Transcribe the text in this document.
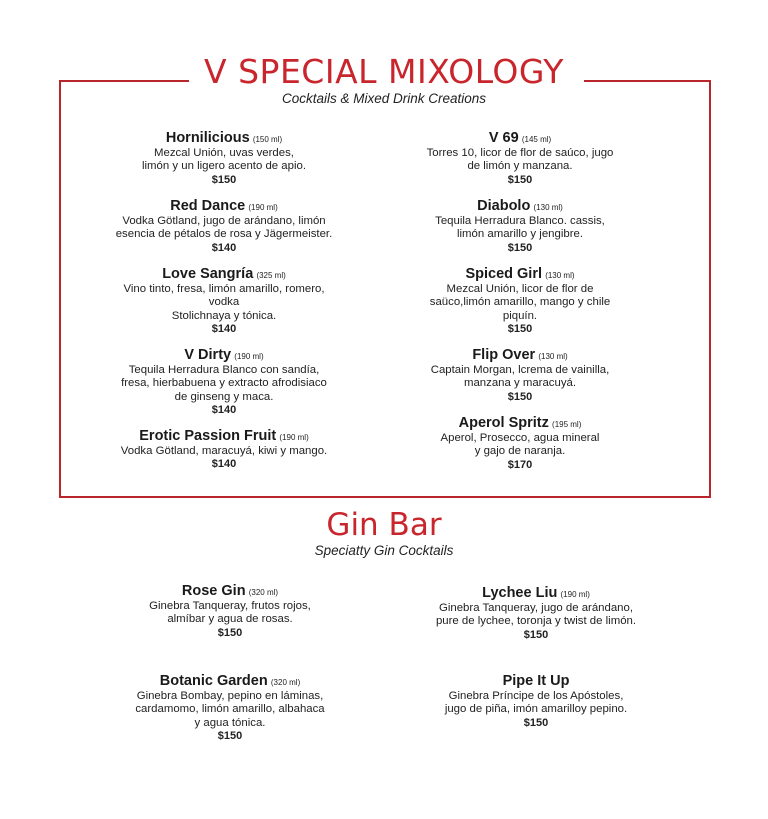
V SPECIAL MIXOLOGY

Cocktails & Mixed Drink Creations

Hornilicious (150 ml)
Mezcal Unión, uvas verdes,
limón y un ligero acento de apio.
$150
Red Dance (190 ml)
Vodka Götland, jugo de arándano, limón
esencia de pétalos de rosa y Jägermeister.
$140
Love Sangría (325 ml)
Vino tinto, fresa, limón amarillo, romero,
vodka
Stolichnaya y tónica.
$140
V Dirty (190 ml)
Tequila Herradura Blanco con sandía,
fresa, hierbabuena y extracto afrodisiaco
de ginseng y maca.
$140
Erotic Passion Fruit (190 ml)
Vodka Götland, maracuyá, kiwi y mango.
$140
V 69 (145 ml)
Torres 10, licor de flor de saúco, jugo
de limón y manzana.
$150
Diabolo (130 ml)
Tequila Herradura Blanco. cassis,
limón amarillo y jengibre.
$150
Spiced Girl (130 ml)
Mezcal Unión, licor de flor de
saüco,limón amarillo, mango y chile
piquín.
$150
Flip Over (130 ml)
Captain Morgan, lcrema de vainilla,
manzana y maracuyá.
$150
Aperol Spritz (195 ml)
Aperol, Prosecco, agua mineral
y gajo de naranja.
$170
Gin Bar

Speciatty Gin Cocktails

Rose Gin (320 ml)
Ginebra Tanqueray, frutos rojos,
almíbar y agua de rosas.
$150
Botanic Garden (320 ml)
Ginebra Bombay, pepino en láminas,
cardamomo, limón amarillo, albahaca
y agua tónica.
$150
Lychee Liu (190 ml)
Ginebra Tanqueray, jugo de arándano,
pure de lychee, toronja y twist de limón.
$150
Pipe It Up
Ginebra Príncipe de los Apóstoles,
jugo de piña, imón amarilloy pepino.
$150
